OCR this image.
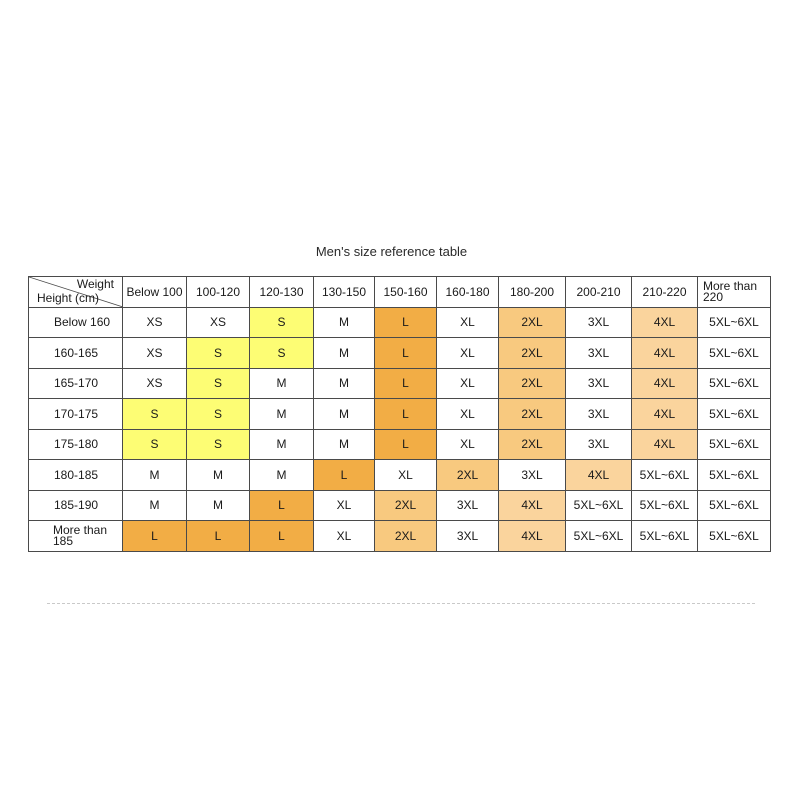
Men's size reference table
Weight
Height (cm)	Below 100	100-120	120-130	130-150	150-160	160-180	180-200	200-210	210-220	More than 220

Below 160	XS	XS	S	M	L	XL	2XL	3XL	4XL	5XL~6XL

160-165	XS	S	S	M	L	XL	2XL	3XL	4XL	5XL~6XL

165-170	XS	S	M	M	L	XL	2XL	3XL	4XL	5XL~6XL

170-175	S	S	M	M	L	XL	2XL	3XL	4XL	5XL~6XL

175-180	S	S	M	M	L	XL	2XL	3XL	4XL	5XL~6XL

180-185	M	M	M	L	XL	2XL	3XL	4XL	5XL~6XL	5XL~6XL

185-190	M	M	L	XL	2XL	3XL	4XL	5XL~6XL	5XL~6XL	5XL~6XL

More than 185	L	L	L	XL	2XL	3XL	4XL	5XL~6XL	5XL~6XL	5XL~6XL
